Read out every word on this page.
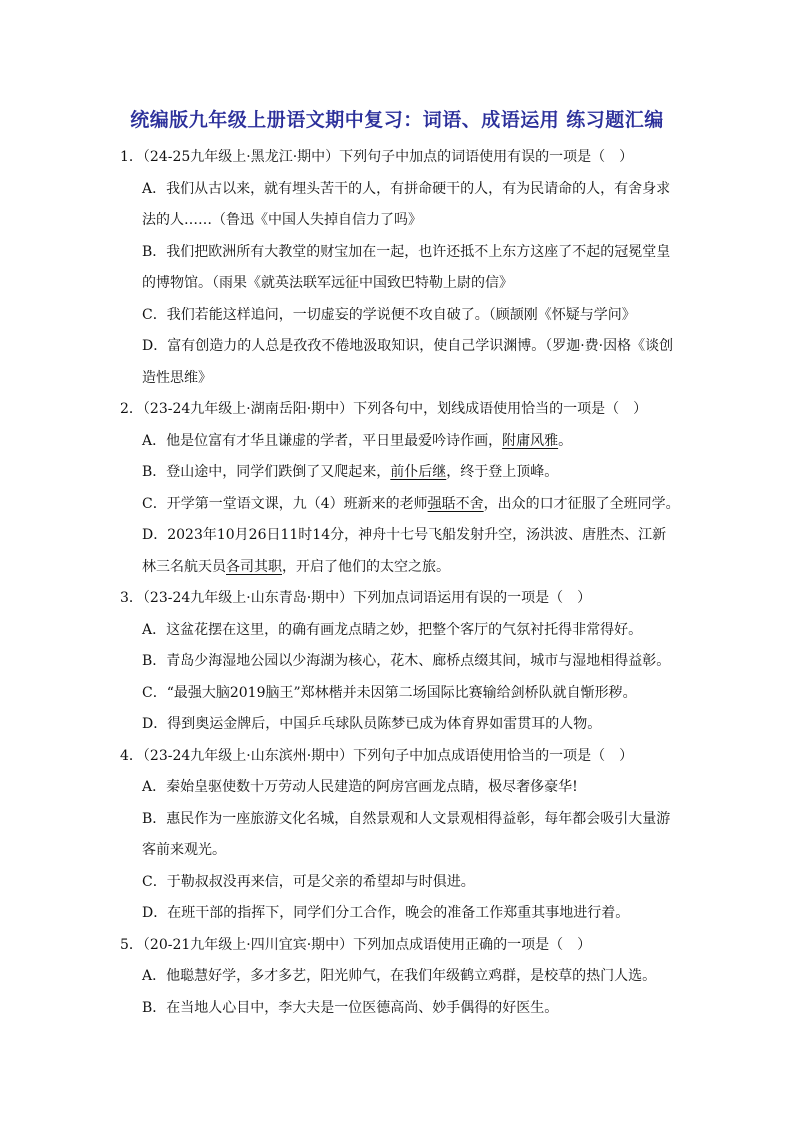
统编版九年级上册语文期中复习：词语、成语运用 练习题汇编

1．（24-25九年级上·黑龙江·期中）下列句子中加点的词语使用有误的一项是（　）

A．我们从古以来，就有埋头苦干的人，有拼命硬干的人，有为民请命的人，有舍身求法的人……（鲁迅《中国人失掉自信力了吗》

B．我们把欧洲所有大教堂的财宝加在一起，也许还抵不上东方这座了不起的冠冕堂皇的博物馆。（雨果《就英法联军远征中国致巴特勒上尉的信》

C．我们若能这样追问，一切虚妄的学说便不攻自破了。（顾颉刚《怀疑与学问》

D．富有创造力的人总是孜孜不倦地汲取知识，使自己学识渊博。（罗迦·费·因格《谈创造性思维》

2．（23-24九年级上·湖南岳阳·期中）下列各句中，划线成语使用恰当的一项是（　）

A．他是位富有才华且谦虚的学者，平日里最爱吟诗作画，附庸风雅。

B．登山途中，同学们跌倒了又爬起来，前仆后继，终于登上顶峰。

C．开学第一堂语文课，九（4）班新来的老师强聒不舍，出众的口才征服了全班同学。

D．2023年10月26日11时14分，神舟十七号飞船发射升空，汤洪波、唐胜杰、江新林三名航天员各司其职，开启了他们的太空之旅。

3．（23-24九年级上·山东青岛·期中）下列加点词语运用有误的一项是（　）

A．这盆花摆在这里，的确有画龙点睛之妙，把整个客厅的气氛衬托得非常得好。

B．青岛少海湿地公园以少海湖为核心，花木、廊桥点缀其间，城市与湿地相得益彰。

C．“最强大脑2019脑王”郑林楷并未因第二场国际比赛输给剑桥队就自惭形秽。

D．得到奥运金牌后，中国乒乓球队员陈梦已成为体育界如雷贯耳的人物。

4．（23-24九年级上·山东滨州·期中）下列句子中加点成语使用恰当的一项是（　）

A．秦始皇驱使数十万劳动人民建造的阿房宫画龙点睛，极尽奢侈豪华!

B．惠民作为一座旅游文化名城，自然景观和人文景观相得益彰，每年都会吸引大量游客前来观光。

C．于勒叔叔没再来信，可是父亲的希望却与时俱进。

D．在班干部的指挥下，同学们分工合作，晚会的准备工作郑重其事地进行着。

5．（20-21九年级上·四川宜宾·期中）下列加点成语使用正确的一项是（　）

A．他聪慧好学，多才多艺，阳光帅气，在我们年级鹤立鸡群，是校草的热门人选。

B．在当地人心目中，李大夫是一位医德高尚、妙手偶得的好医生。
